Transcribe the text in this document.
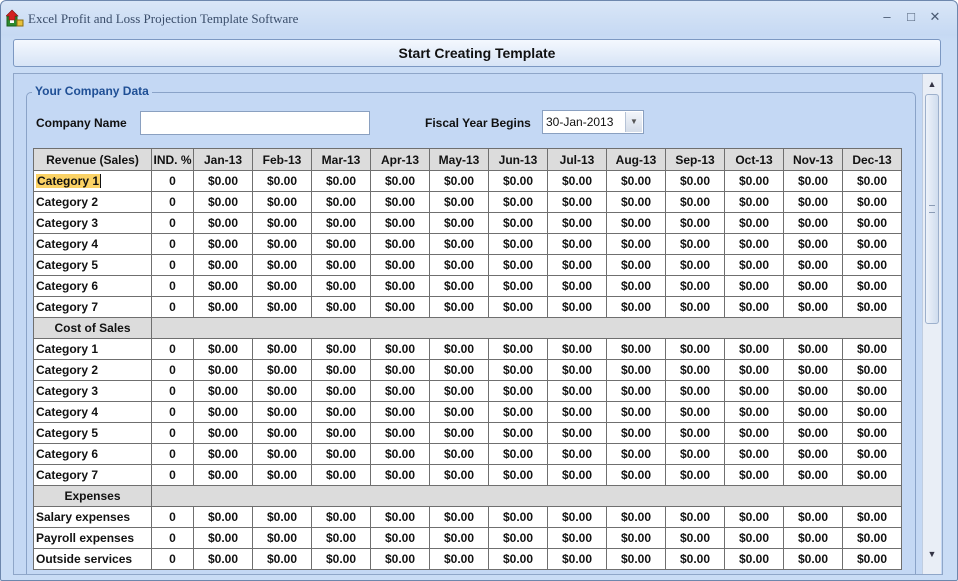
Excel Profit and Loss Projection Template Software	–	□	✕
Start Creating Template
Your Company Data
Company Name	Fiscal Year Begins 30-Jan-2013	▼
Revenue (Sales)	IND. %	Jan-13	Feb-13	Mar-13	Apr-13	May-13	Jun-13	Jul-13	Aug-13	Sep-13	Oct-13	Nov-13	Dec-13
Category 1	0	$0.00	$0.00	$0.00	$0.00	$0.00	$0.00	$0.00	$0.00	$0.00	$0.00	$0.00	$0.00
Category 2	0	$0.00	$0.00	$0.00	$0.00	$0.00	$0.00	$0.00	$0.00	$0.00	$0.00	$0.00	$0.00
Category 3	0	$0.00	$0.00	$0.00	$0.00	$0.00	$0.00	$0.00	$0.00	$0.00	$0.00	$0.00	$0.00
Category 4	0	$0.00	$0.00	$0.00	$0.00	$0.00	$0.00	$0.00	$0.00	$0.00	$0.00	$0.00	$0.00
Category 5	0	$0.00	$0.00	$0.00	$0.00	$0.00	$0.00	$0.00	$0.00	$0.00	$0.00	$0.00	$0.00
Category 6	0	$0.00	$0.00	$0.00	$0.00	$0.00	$0.00	$0.00	$0.00	$0.00	$0.00	$0.00	$0.00
Category 7	0	$0.00	$0.00	$0.00	$0.00	$0.00	$0.00	$0.00	$0.00	$0.00	$0.00	$0.00	$0.00
Cost of Sales													
Category 1	0	$0.00	$0.00	$0.00	$0.00	$0.00	$0.00	$0.00	$0.00	$0.00	$0.00	$0.00	$0.00
Category 2	0	$0.00	$0.00	$0.00	$0.00	$0.00	$0.00	$0.00	$0.00	$0.00	$0.00	$0.00	$0.00
Category 3	0	$0.00	$0.00	$0.00	$0.00	$0.00	$0.00	$0.00	$0.00	$0.00	$0.00	$0.00	$0.00
Category 4	0	$0.00	$0.00	$0.00	$0.00	$0.00	$0.00	$0.00	$0.00	$0.00	$0.00	$0.00	$0.00
Category 5	0	$0.00	$0.00	$0.00	$0.00	$0.00	$0.00	$0.00	$0.00	$0.00	$0.00	$0.00	$0.00
Category 6	0	$0.00	$0.00	$0.00	$0.00	$0.00	$0.00	$0.00	$0.00	$0.00	$0.00	$0.00	$0.00
Category 7	0	$0.00	$0.00	$0.00	$0.00	$0.00	$0.00	$0.00	$0.00	$0.00	$0.00	$0.00	$0.00
Expenses													
Salary expenses	0	$0.00	$0.00	$0.00	$0.00	$0.00	$0.00	$0.00	$0.00	$0.00	$0.00	$0.00	$0.00
Payroll expenses	0	$0.00	$0.00	$0.00	$0.00	$0.00	$0.00	$0.00	$0.00	$0.00	$0.00	$0.00	$0.00
Outside services	0	$0.00	$0.00	$0.00	$0.00	$0.00	$0.00	$0.00	$0.00	$0.00	$0.00	$0.00	$0.00
▲
▼
